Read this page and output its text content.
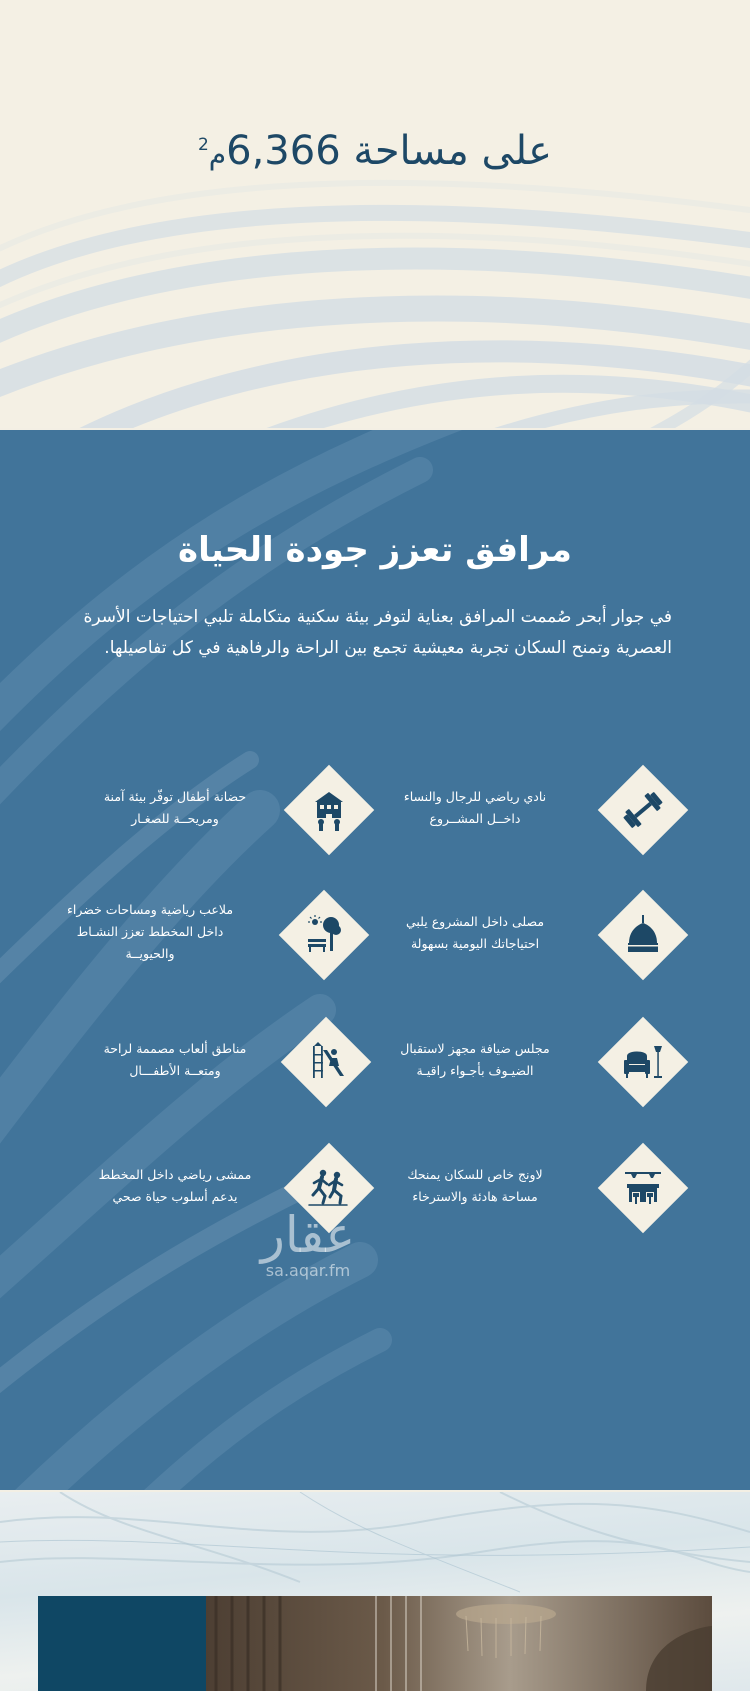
على مساحة 6,366م$^2$
مرافق تعزز جودة الحياة

في جوار أبحر صُممت المرافق بعناية لتوفر بيئة سكنية متكاملة تلبي احتياجات الأسرة العصرية وتمنح السكان تجربة معيشية تجمع بين الراحة والرفاهية في كل تفاصيلها.

نادي رياضي للرجال والنساء
داخــل المشــروع
حضانة أطفال توفّر بيئة آمنة
ومريحــة للصغـار
مصلى داخل المشروع يلبي
احتياجاتك اليومية بسهولة
ملاعب رياضية ومساحات خضراء
داخل المخطط تعزز النشـاط
والحيويــة
مجلس ضيافة مجهز لاستقبال
الضيـوف بأجـواء راقيـة
مناطق ألعاب مصممة لراحة
ومتعــة الأطفـــال
لاونج خاص للسكان يمنحك
مساحة هادئة والاسترخاء
ممشى رياضي داخل المخطط
يدعم أسلوب حياة صحي
عقار
sa.aqar.fm
